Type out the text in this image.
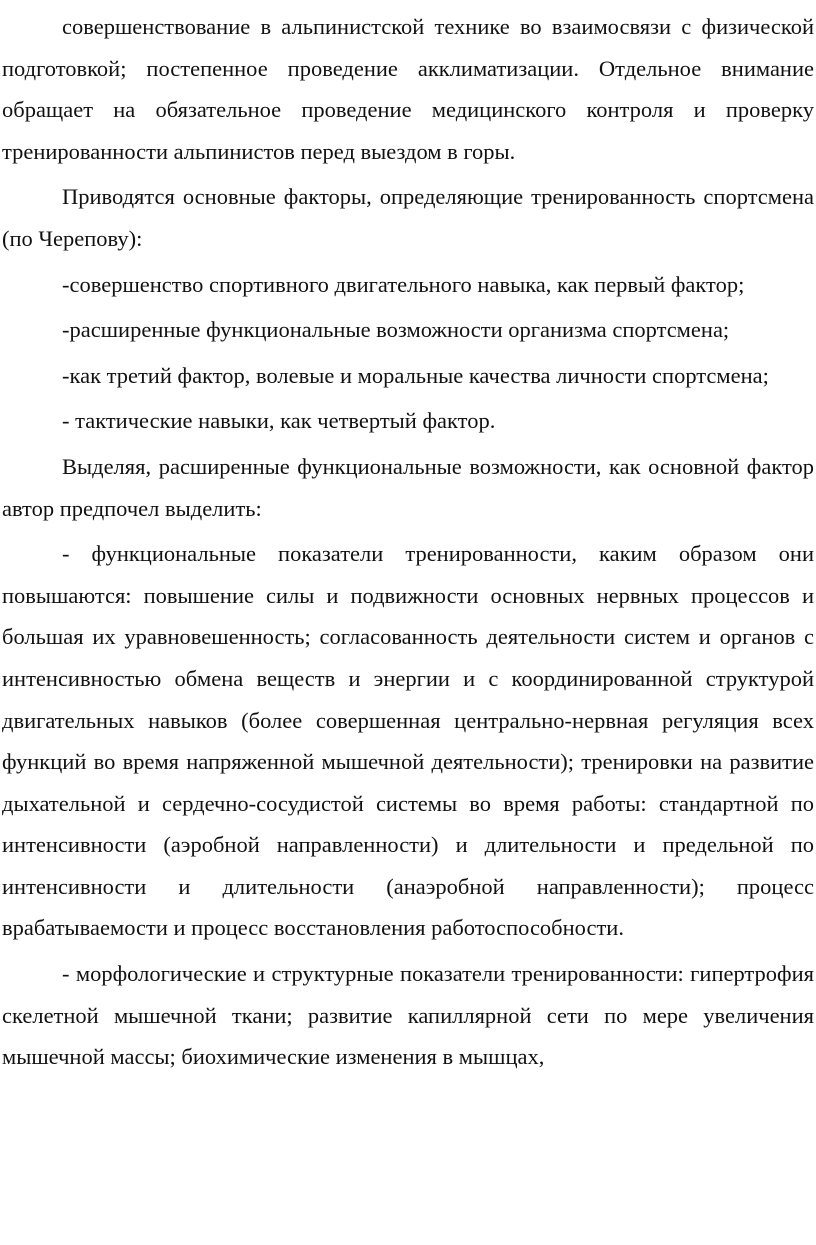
совершенствование в альпинистской технике во взаимосвязи с физической подготовкой; постепенное проведение акклиматизации. Отдельное внимание обращает на обязательное проведение медицинского контроля и проверку тренированности альпинистов перед выездом в горы.

Приводятся основные факторы, определяющие тренированность спортсмена (по Черепову):

-совершенство спортивного двигательного навыка, как первый фактор;

-расширенные функциональные возможности организма спортсмена;

-как третий фактор, волевые и моральные качества личности спортсмена;

- тактические навыки, как четвертый фактор.

Выделяя, расширенные функциональные возможности, как основной фактор автор предпочел выделить:

- функциональные показатели тренированности, каким образом они повышаются: повышение силы и подвижности основных нервных процессов и большая их уравновешенность; согласованность деятельности систем и органов с интенсивностью обмена веществ и энергии и с координированной структурой двигательных навыков (более совершенная центрально-нервная регуляция всех функций во время напряженной мышечной деятельности); тренировки на развитие дыхательной и сердечно-сосудистой системы во время работы: стандартной по интенсивности (аэробной направленности) и длительности и предельной по интенсивности и длительности (анаэробной направленности); процесс врабатываемости и процесс восстановления работоспособности.

- морфологические и структурные показатели тренированности: гипертрофия скелетной мышечной ткани; развитие капиллярной сети по мере увеличения мышечной массы; биохимические изменения в мышцах,
